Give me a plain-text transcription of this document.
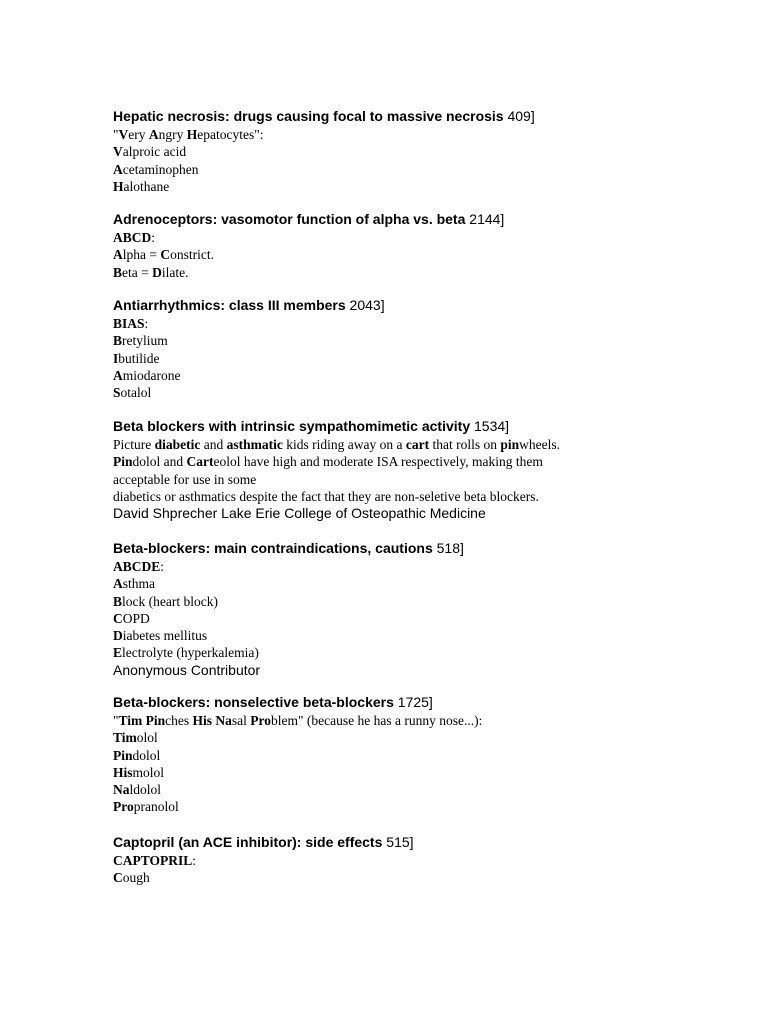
Hepatic necrosis: drugs causing focal to massive necrosis 409]
"Very Angry Hepatocytes":
Valproic acid
Acetaminophen
Halothane
Adrenoceptors: vasomotor function of alpha vs. beta 2144]
ABCD:
Alpha = Constrict.
Beta = Dilate.
Antiarrhythmics: class III members 2043]
BIAS:
Bretylium
Ibutilide
Amiodarone
Sotalol
Beta blockers with intrinsic sympathomimetic activity 1534]
Picture diabetic and asthmatic kids riding away on a cart that rolls on pinwheels.
Pindolol and Carteolol have high and moderate ISA respectively, making them
acceptable for use in some
diabetics or asthmatics despite the fact that they are non-seletive beta blockers.
David Shprecher Lake Erie College of Osteopathic Medicine
Beta-blockers: main contraindications, cautions 518]
ABCDE:
Asthma
Block (heart block)
COPD
Diabetes mellitus
Electrolyte (hyperkalemia)
Anonymous Contributor
Beta-blockers: nonselective beta-blockers 1725]
"Tim Pinches His Nasal Problem" (because he has a runny nose...):
Timolol
Pindolol
Hismolol
Naldolol
Propranolol
Captopril (an ACE inhibitor): side effects 515]
CAPTOPRIL:
Cough
